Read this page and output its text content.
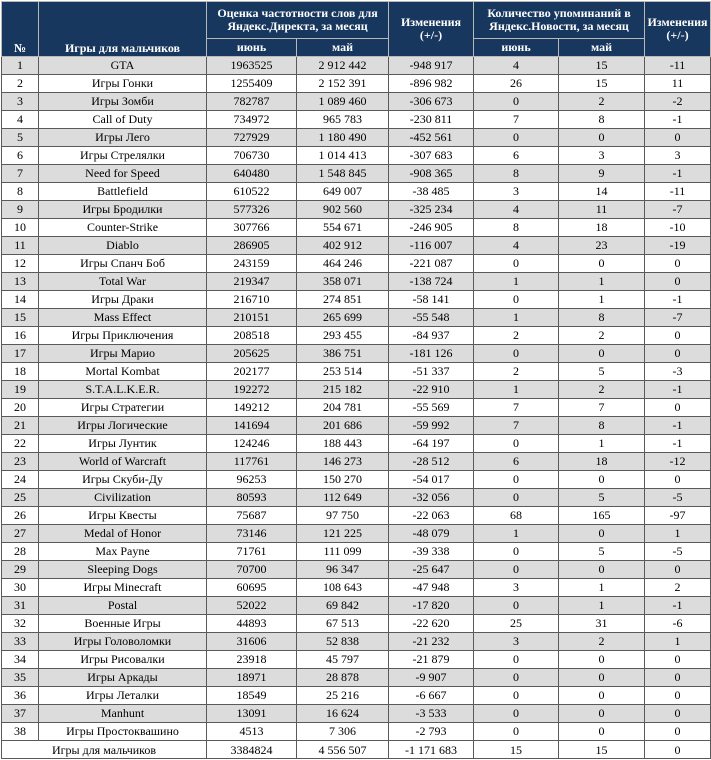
№	Игры для мальчиков	Оценка частотности слов для Яндекс.Директа, за месяц		Изменения (+/-)	Количество упоминаний в Яндекс.Новости, за месяц		Изменения (+/-)
		июнь	май		июнь	май	
1	GTA	1963525	2 912 442	-948 917	4	15	-11
2	Игры Гонки	1255409	2 152 391	-896 982	26	15	11
3	Игры Зомби	782787	1 089 460	-306 673	0	2	-2
4	Call of Duty	734972	965 783	-230 811	7	8	-1
5	Игры Лего	727929	1 180 490	-452 561	0	0	0
6	Игры Стрелялки	706730	1 014 413	-307 683	6	3	3
7	Need for Speed	640480	1 548 845	-908 365	8	9	-1
8	Battlefield	610522	649 007	-38 485	3	14	-11
9	Игры Бродилки	577326	902 560	-325 234	4	11	-7
10	Counter-Strike	307766	554 671	-246 905	8	18	-10
11	Diablo	286905	402 912	-116 007	4	23	-19
12	Игры Спанч Боб	243159	464 246	-221 087	0	0	0
13	Total War	219347	358 071	-138 724	1	1	0
14	Игры Драки	216710	274 851	-58 141	0	1	-1
15	Mass Effect	210151	265 699	-55 548	1	8	-7
16	Игры Приключения	208518	293 455	-84 937	2	2	0
17	Игры Марио	205625	386 751	-181 126	0	0	0
18	Mortal Kombat	202177	253 514	-51 337	2	5	-3
19	S.T.A.L.K.E.R.	192272	215 182	-22 910	1	2	-1
20	Игры Стратегии	149212	204 781	-55 569	7	7	0
21	Игры Логические	141694	201 686	-59 992	7	8	-1
22	Игры Лунтик	124246	188 443	-64 197	0	1	-1
23	World of Warcraft	117761	146 273	-28 512	6	18	-12
24	Игры Скуби-Ду	96253	150 270	-54 017	0	0	0
25	Civilization	80593	112 649	-32 056	0	5	-5
26	Игры Квесты	75687	97 750	-22 063	68	165	-97
27	Medal of Honor	73146	121 225	-48 079	1	0	1
28	Max Payne	71761	111 099	-39 338	0	5	-5
29	Sleeping Dogs	70700	96 347	-25 647	0	0	0
30	Игры Minecraft	60695	108 643	-47 948	3	1	2
31	Postal	52022	69 842	-17 820	0	1	-1
32	Военные Игры	44893	67 513	-22 620	25	31	-6
33	Игры Головоломки	31606	52 838	-21 232	3	2	1
34	Игры Рисовалки	23918	45 797	-21 879	0	0	0
35	Игры Аркады	18971	28 878	-9 907	0	0	0
36	Игры Леталки	18549	25 216	-6 667	0	0	0
37	Manhunt	13091	16 624	-3 533	0	0	0
38	Игры Простоквашино	4513	7 306	-2 793	0	0	0
Игры для мальчиков		3384824	4 556 507	-1 171 683	15	15	0
